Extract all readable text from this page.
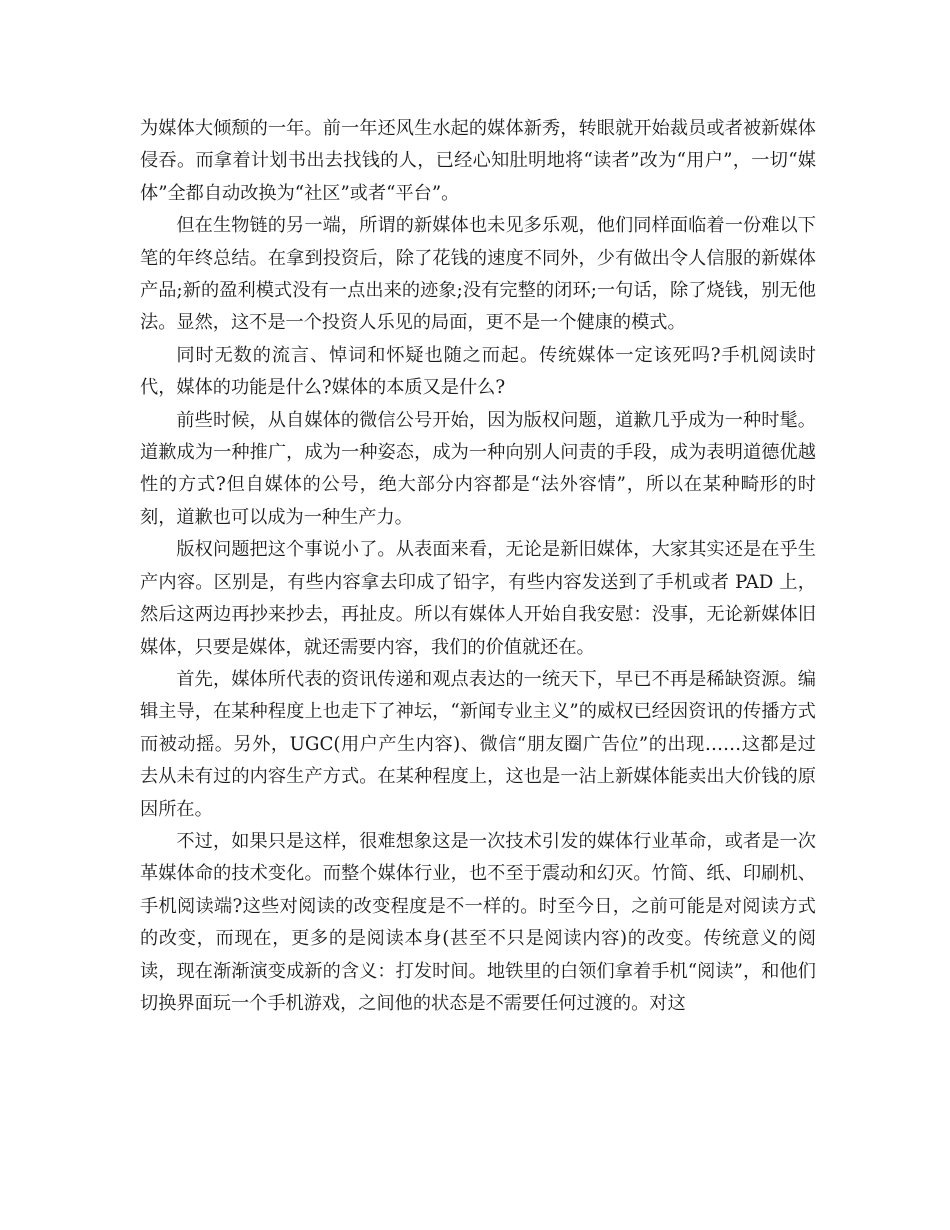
为媒体大倾颓的一年。前一年还风生水起的媒体新秀，转眼就开始裁员或者被新媒体侵吞。而拿着计划书出去找钱的人，已经心知肚明地将“读者”改为“用户”，一切“媒体”全都自动改换为“社区”或者“平台”。

但在生物链的另一端，所谓的新媒体也未见多乐观，他们同样面临着一份难以下笔的年终总结。在拿到投资后，除了花钱的速度不同外，少有做出令人信服的新媒体产品;新的盈利模式没有一点出来的迹象;没有完整的闭环;一句话，除了烧钱，别无他法。显然，这不是一个投资人乐见的局面，更不是一个健康的模式。

同时无数的流言、悼词和怀疑也随之而起。传统媒体一定该死吗?手机阅读时代，媒体的功能是什么?媒体的本质又是什么?

前些时候，从自媒体的微信公号开始，因为版权问题，道歉几乎成为一种时髦。道歉成为一种推广，成为一种姿态，成为一种向别人问责的手段，成为表明道德优越性的方式?但自媒体的公号，绝大部分内容都是“法外容情”，所以在某种畸形的时刻，道歉也可以成为一种生产力。

版权问题把这个事说小了。从表面来看，无论是新旧媒体，大家其实还是在乎生产内容。区别是，有些内容拿去印成了铅字，有些内容发送到了手机或者 PAD 上，然后这两边再抄来抄去，再扯皮。所以有媒体人开始自我安慰：没事，无论新媒体旧媒体，只要是媒体，就还需要内容，我们的价值就还在。

首先，媒体所代表的资讯传递和观点表达的一统天下，早已不再是稀缺资源。编辑主导，在某种程度上也走下了神坛，“新闻专业主义”的威权已经因资讯的传播方式而被动摇。另外，UGC(用户产生内容)、微信“朋友圈广告位”的出现……这都是过去从未有过的内容生产方式。在某种程度上，这也是一沾上新媒体能卖出大价钱的原因所在。

不过，如果只是这样，很难想象这是一次技术引发的媒体行业革命，或者是一次革媒体命的技术变化。而整个媒体行业，也不至于震动和幻灭。竹简、纸、印刷机、手机阅读端?这些对阅读的改变程度是不一样的。时至今日，之前可能是对阅读方式的改变，而现在，更多的是阅读本身(甚至不只是阅读内容)的改变。传统意义的阅读，现在渐渐演变成新的含义：打发时间。地铁里的白领们拿着手机“阅读”，和他们切换界面玩一个手机游戏，之间他的状态是不需要任何过渡的。对这
